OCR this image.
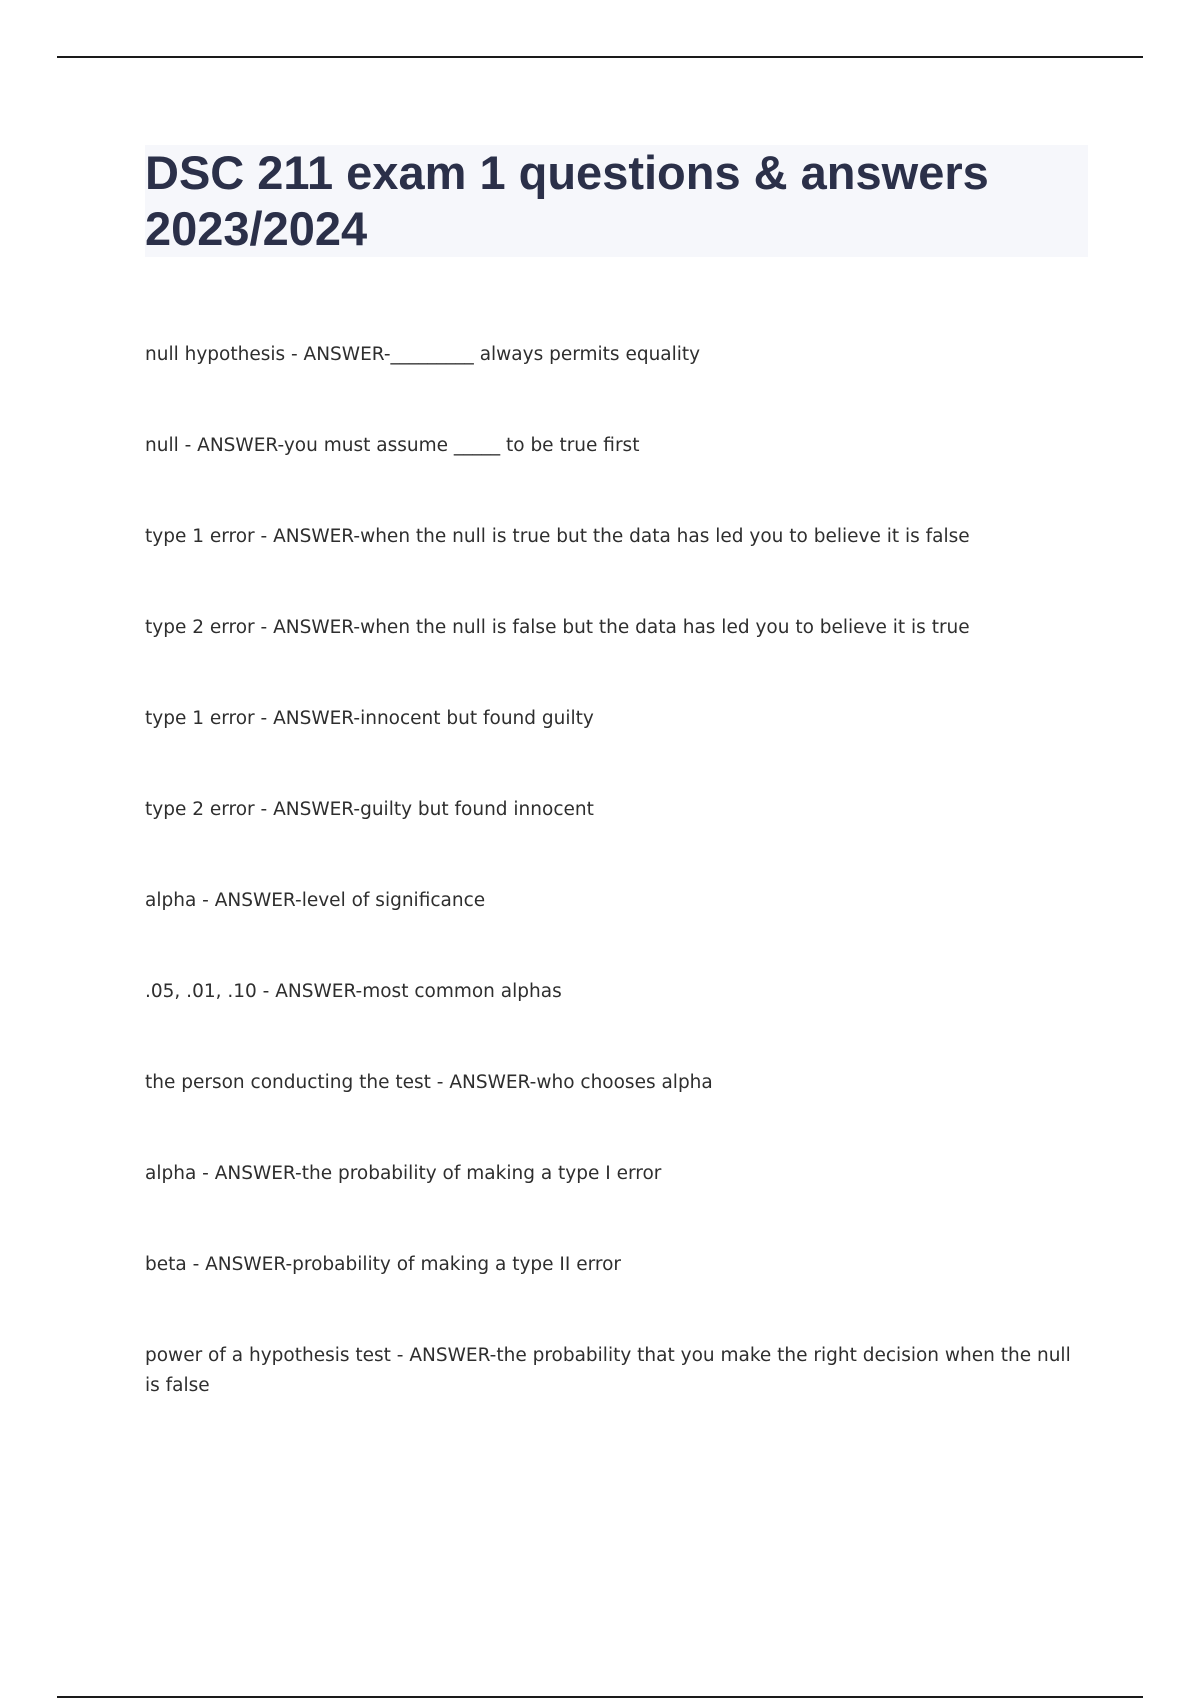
DSC 211 exam 1 questions & answers 2023/2024
null hypothesis - ANSWER-_________ always permits equality
null - ANSWER-you must assume _____ to be true first
type 1 error - ANSWER-when the null is true but the data has led you to believe it is false
type 2 error - ANSWER-when the null is false but the data has led you to believe it is true
type 1 error - ANSWER-innocent but found guilty
type 2 error - ANSWER-guilty but found innocent
alpha - ANSWER-level of significance
.05, .01, .10 - ANSWER-most common alphas
the person conducting the test - ANSWER-who chooses alpha
alpha - ANSWER-the probability of making a type I error
beta - ANSWER-probability of making a type II error
power of a hypothesis test - ANSWER-the probability that you make the right decision when the null is false
